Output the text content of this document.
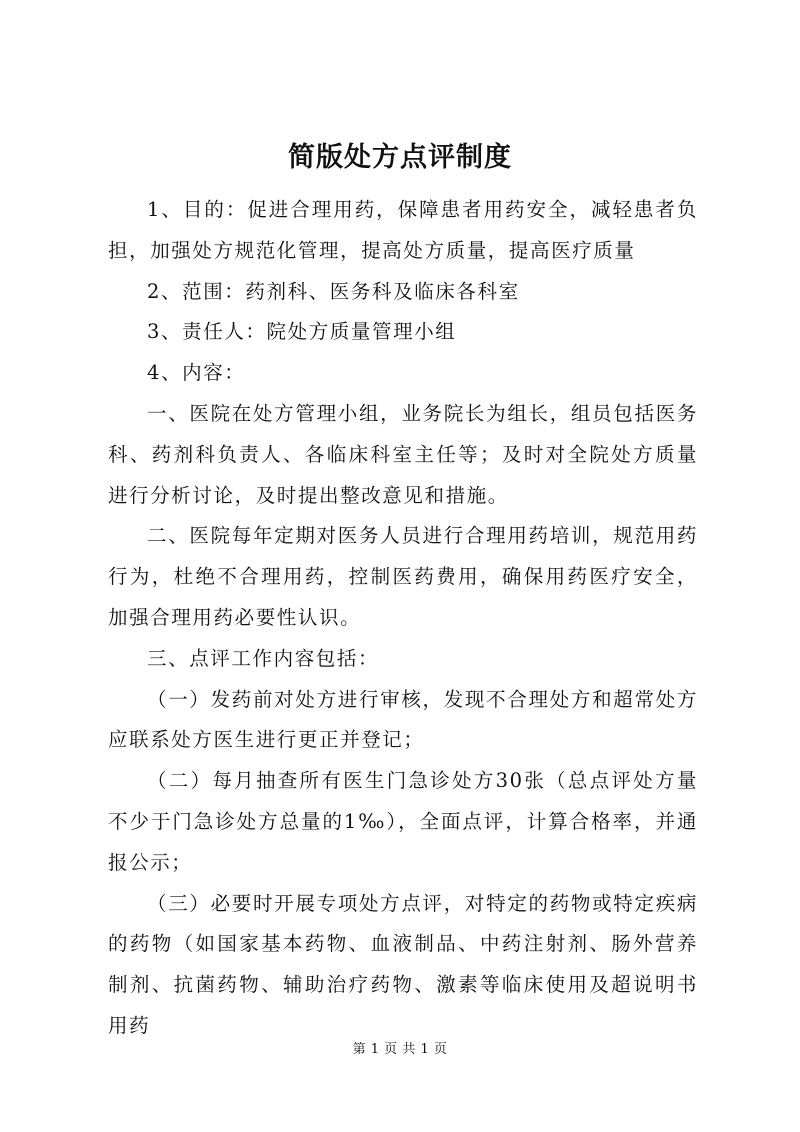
简版处方点评制度

1、目的：促进合理用药，保障患者用药安全，减轻患者负担，加强处方规范化管理，提高处方质量，提高医疗质量

2、范围：药剂科、医务科及临床各科室

3、责任人：院处方质量管理小组

4、内容：

一、医院在处方管理小组，业务院长为组长，组员包括医务科、药剂科负责人、各临床科室主任等；及时对全院处方质量进行分析讨论，及时提出整改意见和措施。

二、医院每年定期对医务人员进行合理用药培训，规范用药行为，杜绝不合理用药，控制医药费用，确保用药医疗安全，加强合理用药必要性认识。

三、点评工作内容包括：

（一）发药前对处方进行审核，发现不合理处方和超常处方应联系处方医生进行更正并登记；

（二）每月抽查所有医生门急诊处方30张（总点评处方量不少于门急诊处方总量的1‰），全面点评，计算合格率，并通报公示；

（三）必要时开展专项处方点评，对特定的药物或特定疾病的药物（如国家基本药物、血液制品、中药注射剂、肠外营养制剂、抗菌药物、辅助治疗药物、激素等临床使用及超说明书用药

第 1 页 共 1 页
